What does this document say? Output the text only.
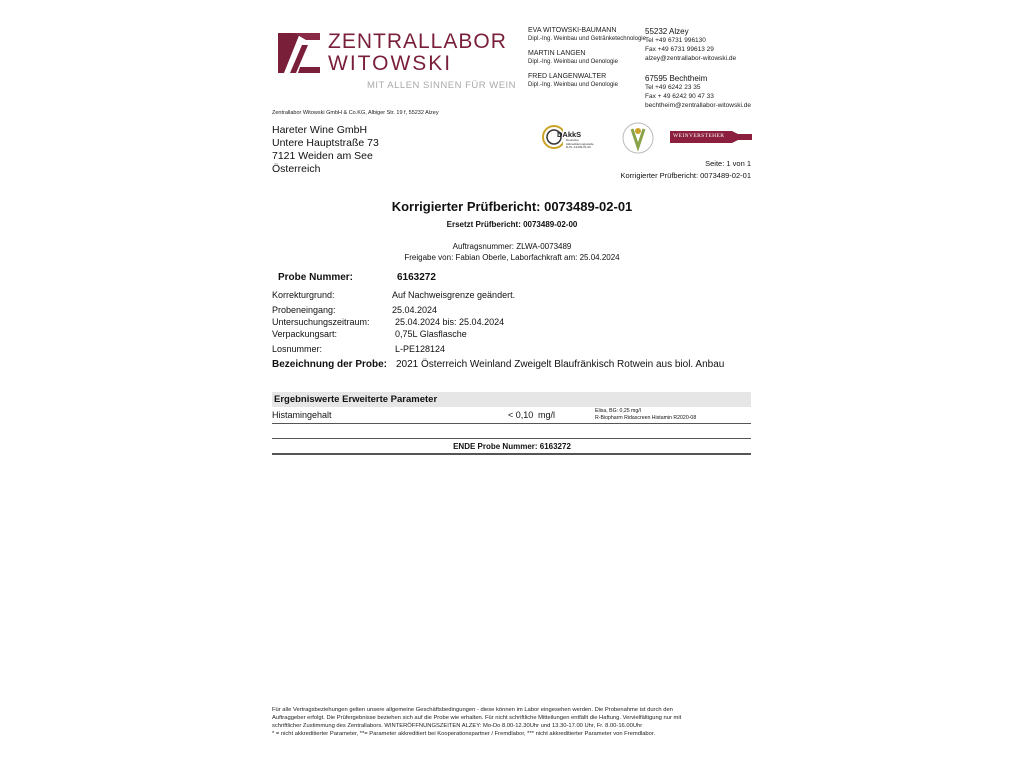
ZENTRALLABOR
WITOWSKI
MIT ALLEN SINNEN FÜR WEIN
EVA WITOWSKI-BAUMANN
Dipl.-Ing. Weinbau und Getränketechnologie
MARTIN LANGEN
Dipl.-Ing. Weinbau und Oenologie
FRED LANGENWALTER
Dipl.-Ing. Weinbau und Oenologie
55232 Alzey
Tel +49 6731 996130
Fax +49 6731 99613 29
alzey@zentrallabor-witowski.de
67595 Bechtheim
Tel +49 6242 23 35
Fax + 49 6242 90 47 33
bechtheim@zentrallabor-witowski.de
Zentrallabor Witowski GmbH & Co.KG, Albiger Str. 19 f, 55232 Alzey
Hareter Wine GmbH
Untere Hauptstraße 73
7121 Weiden am See
Österreich
DAkkS
Deutsche
Akkreditierungsstelle
D-PL-14439-01-00
WEINVERSTEHER
Seite: 1 von 1
Korrigierter Prüfbericht: 0073489-02-01
Korrigierter Prüfbericht: 0073489-02-01
Ersetzt Prüfbericht: 0073489-02-00
Auftragsnummer: ZLWA-0073489
Freigabe von: Fabian Oberle, Laborfachkraft am: 25.04.2024
Probe Nummer:	6163272
Korrekturgrund:	Auf Nachweisgrenze geändert.
Probeneingang:	25.04.2024
Untersuchungszeitraum:	25.04.2024 bis: 25.04.2024
Verpackungsart:	0,75L Glasflasche
Losnummer:	L-PE128124
Bezeichnung der Probe: 2021 Österreich Weinland Zweigelt Blaufränkisch Rotwein aus biol. Anbau
Ergebniswerte Erweiterte Parameter
Histamingehalt	< 0,10 mg/l	Elisa, BG: 0,25 mg/l
R-Biopharm Ridascreen Histamin R2020-08
ENDE Probe Nummer: 6163272
Für alle Vertragsbeziehungen gelten unsere allgemeine Geschäftsbedingungen - diese können im Labor eingesehen werden. Die Probenahme ist durch den
Auftraggeber erfolgt. Die Prüfergebnisse beziehen sich auf die Probe wie erhalten. Für nicht schriftliche Mitteilungen entfällt die Haftung. Vervielfältigung nur mit
schriftlicher Zustimmung des Zentrallabors. WINTERÖFFNUNGSZEITEN ALZEY: Mo-Do 8.00-12.30Uhr und 13.30-17.00 Uhr, Fr. 8.00-16.00Uhr
* = nicht akkreditierter Parameter, **= Parameter akkreditiert bei Kooperationspartner / Fremdlabor, *** nicht akkreditierter Parameter von Fremdlabor.
